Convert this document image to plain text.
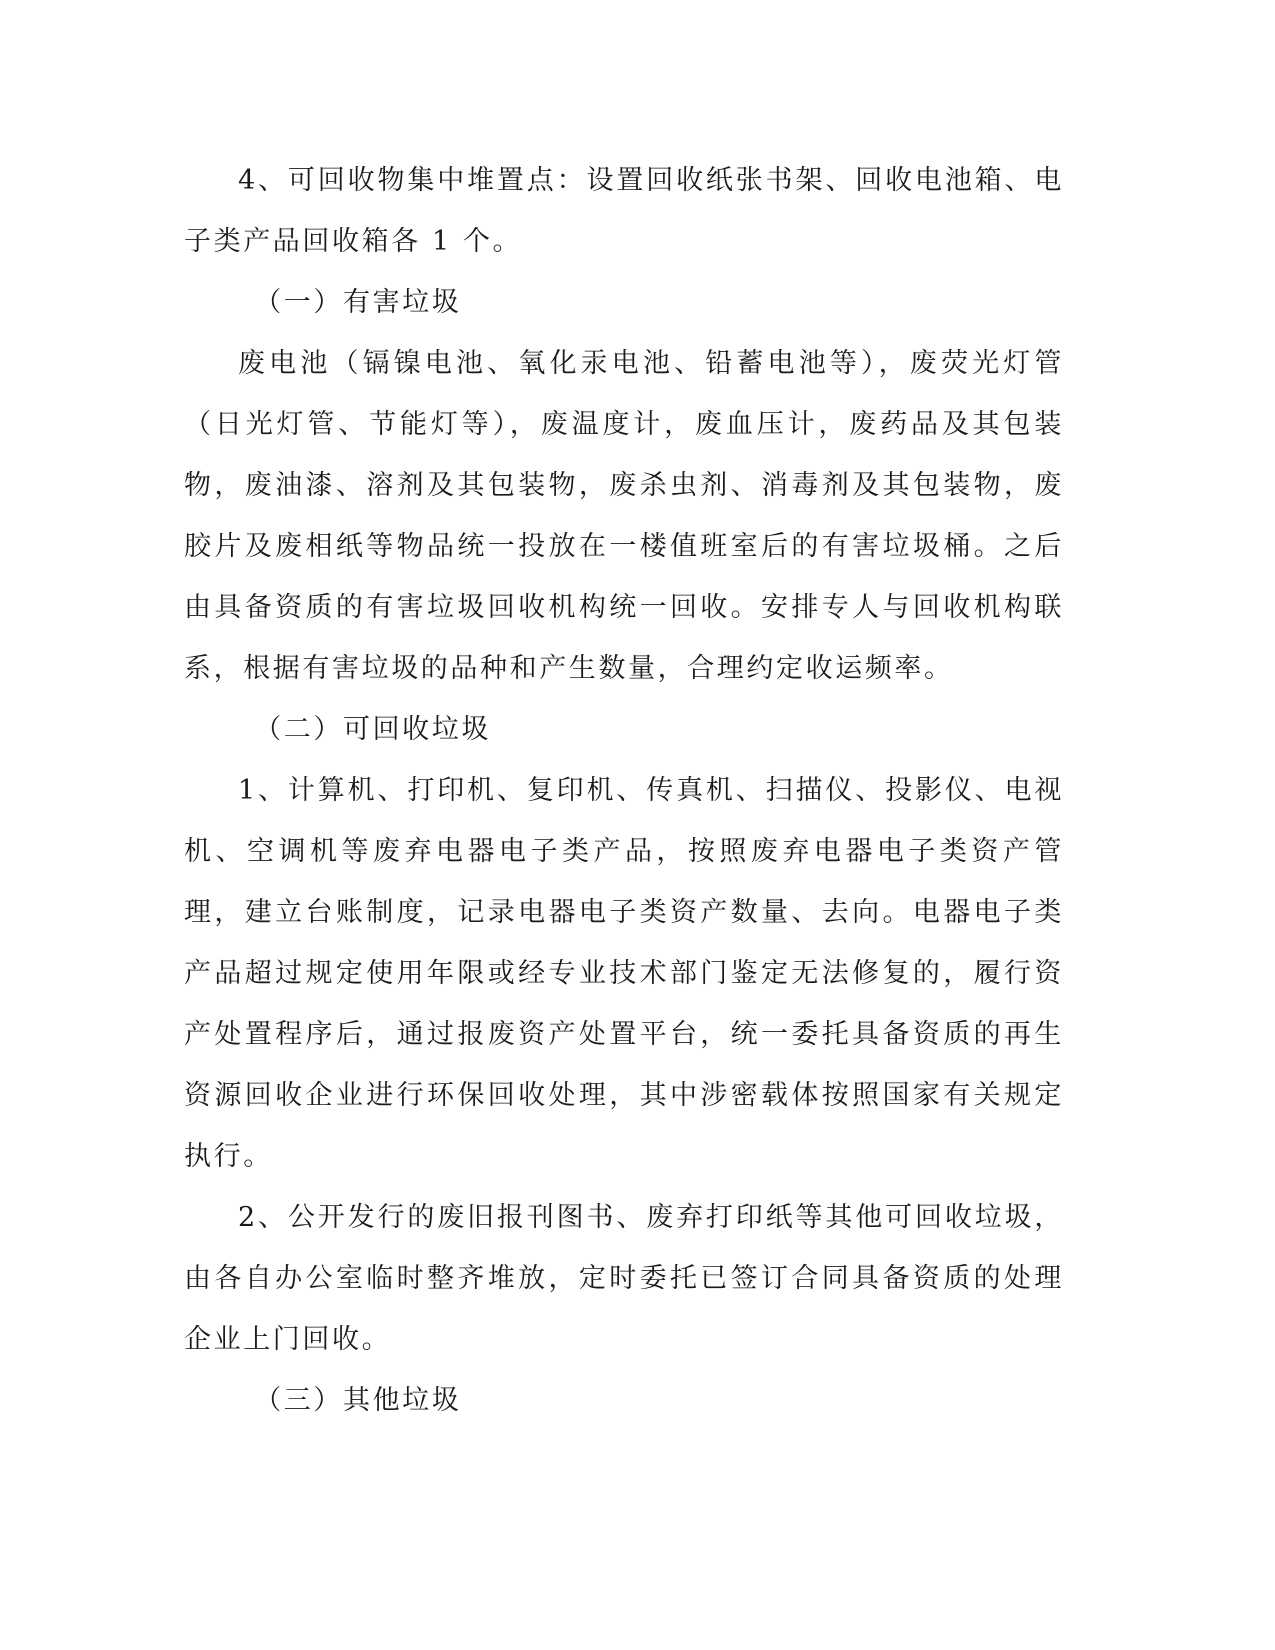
4、可回收物集中堆置点：设置回收纸张书架、回收电池箱、电子类产品回收箱各 1 个。

（一）有害垃圾

废电池（镉镍电池、氧化汞电池、铅蓄电池等），废荧光灯管（日光灯管、节能灯等），废温度计，废血压计，废药品及其包装物，废油漆、溶剂及其包装物，废杀虫剂、消毒剂及其包装物，废胶片及废相纸等物品统一投放在一楼值班室后的有害垃圾桶。之后由具备资质的有害垃圾回收机构统一回收。安排专人与回收机构联系，根据有害垃圾的品种和产生数量，合理约定收运频率。

（二）可回收垃圾

1、计算机、打印机、复印机、传真机、扫描仪、投影仪、电视机、空调机等废弃电器电子类产品，按照废弃电器电子类资产管理，建立台账制度，记录电器电子类资产数量、去向。电器电子类产品超过规定使用年限或经专业技术部门鉴定无法修复的，履行资产处置程序后，通过报废资产处置平台，统一委托具备资质的再生资源回收企业进行环保回收处理，其中涉密载体按照国家有关规定执行。

2、公开发行的废旧报刊图书、废弃打印纸等其他可回收垃圾，由各自办公室临时整齐堆放，定时委托已签订合同具备资质的处理企业上门回收。

（三）其他垃圾
